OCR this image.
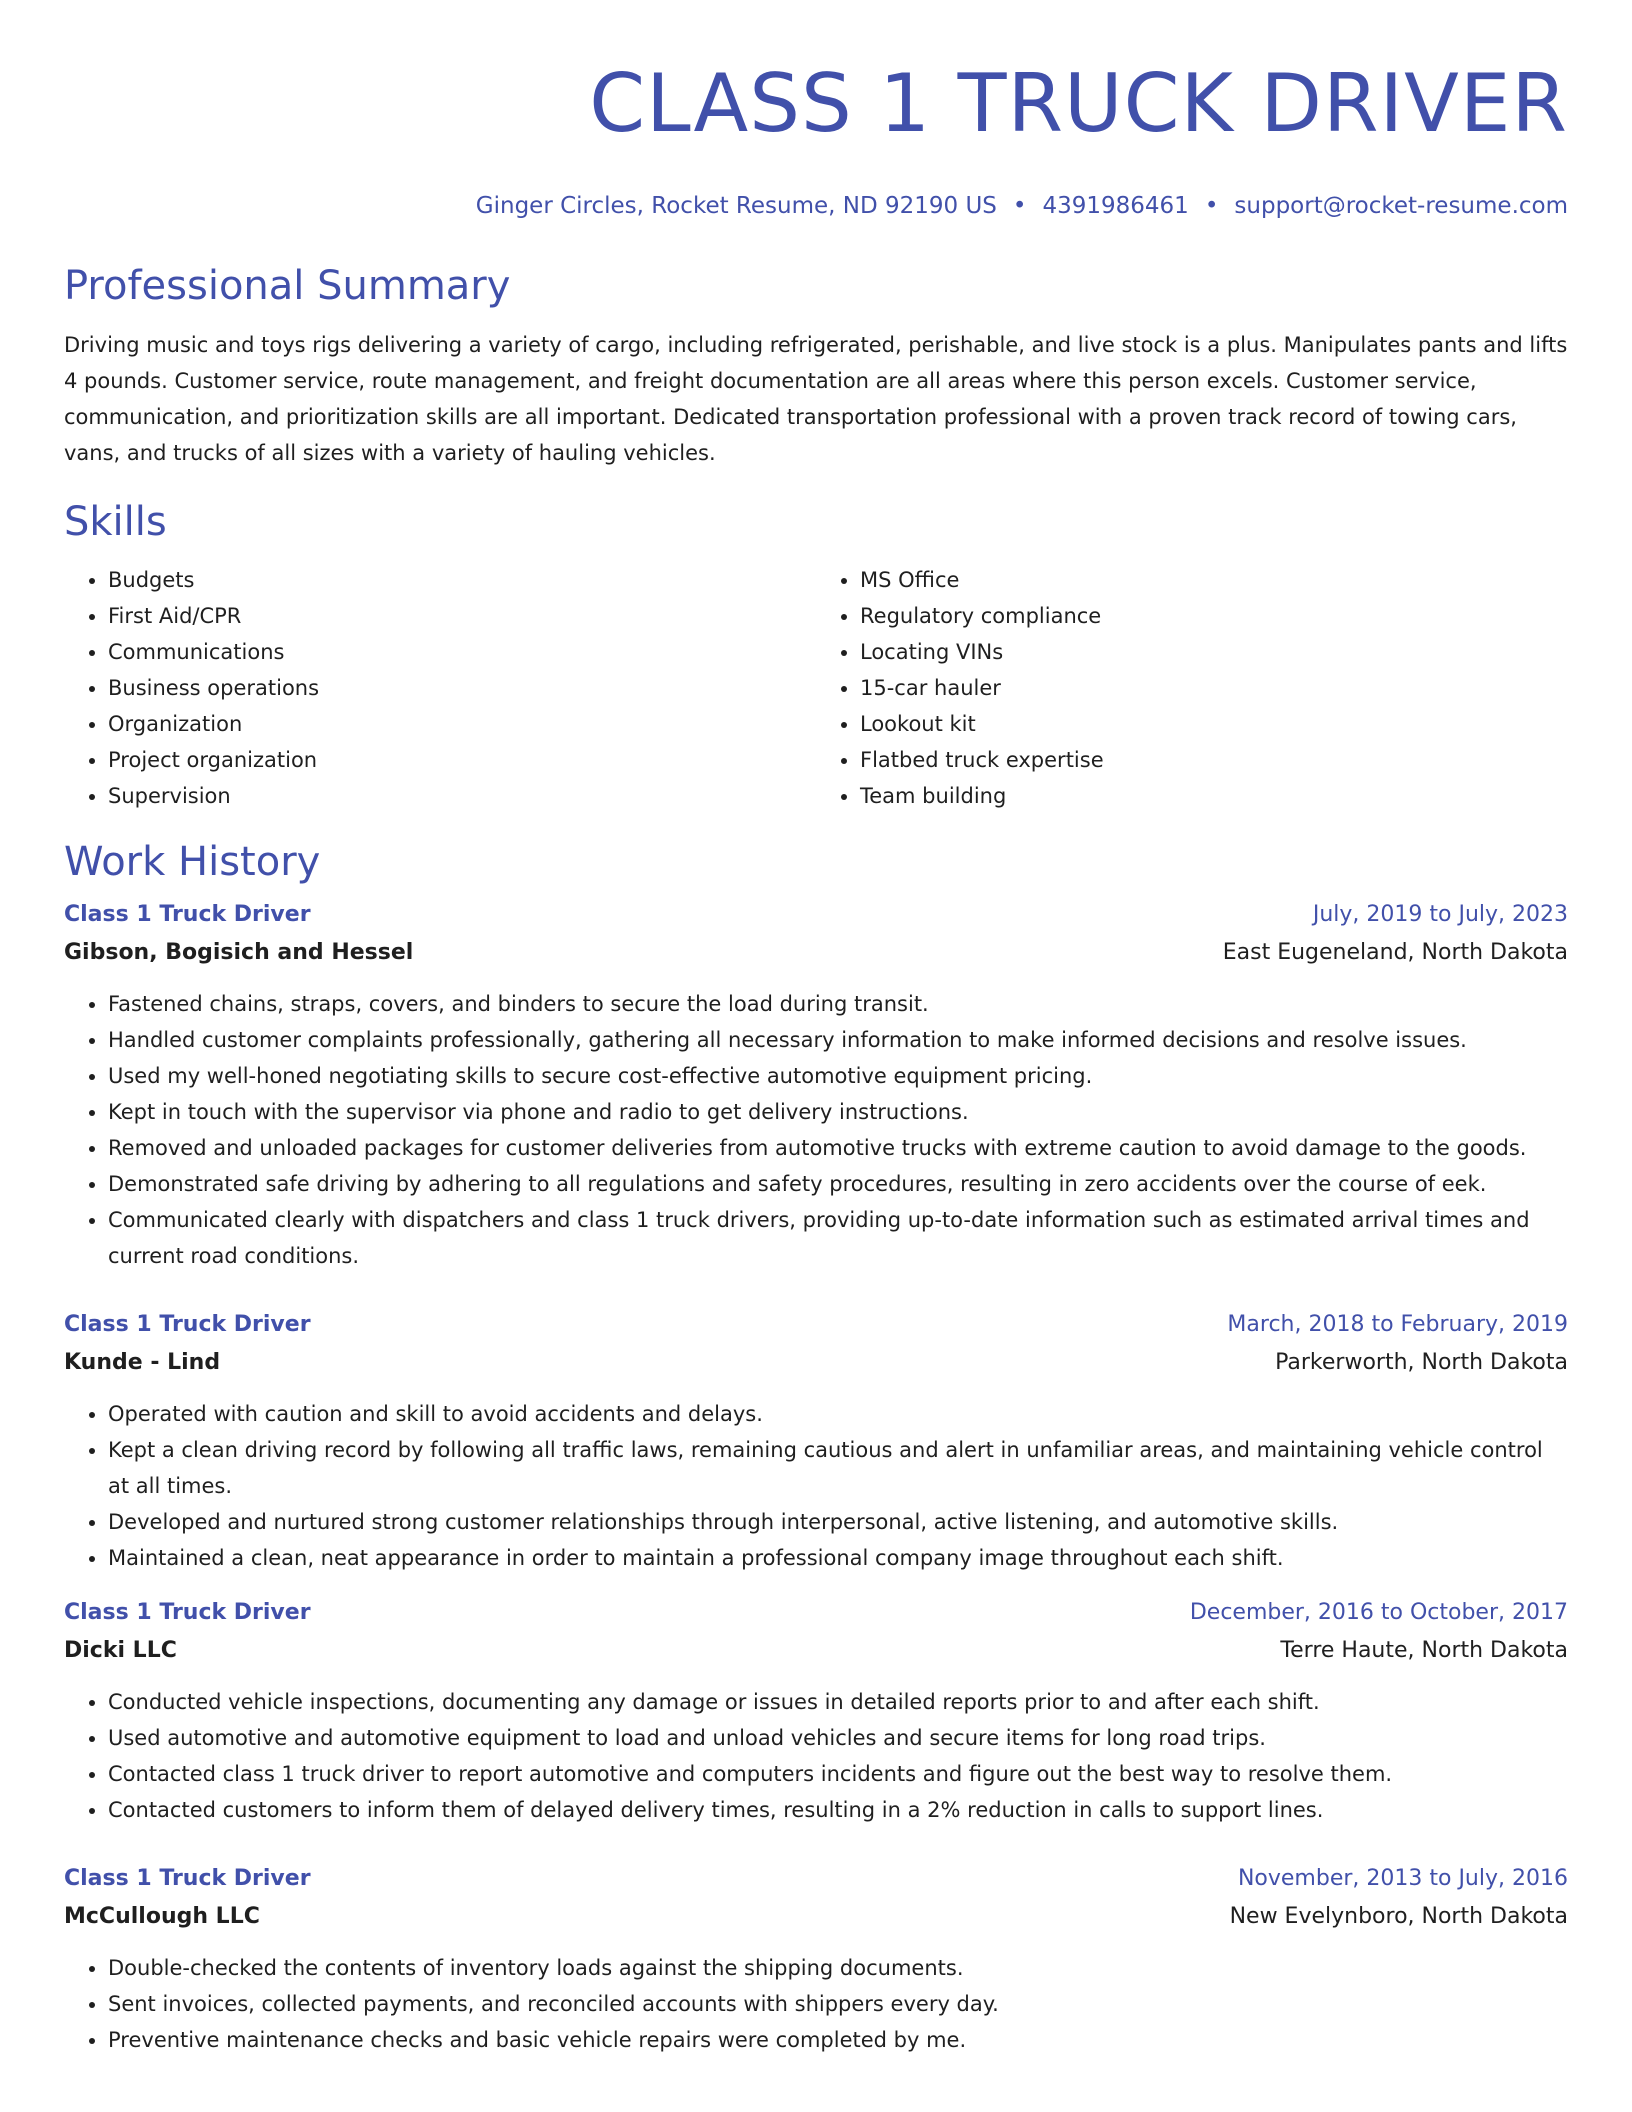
CLASS 1 TRUCK DRIVER
Ginger Circles, Rocket Resume, ND 92190 US • 4391986461 • support@rocket-resume.com
Professional Summary

Driving music and toys rigs delivering a variety of cargo, including refrigerated, perishable, and live stock is a plus. Manipulates pants and lifts 4 pounds. Customer service, route management, and freight documentation are all areas where this person excels. Customer service, communication, and prioritization skills are all important. Dedicated transportation professional with a proven track record of towing cars, vans, and trucks of all sizes with a variety of hauling vehicles.

Skills
• Budgets
• First Aid/CPR
• Communications
• Business operations
• Organization
• Project organization
• Supervision
• MS Office
• Regulatory compliance
• Locating VINs
• 15-car hauler
• Lookout kit
• Flatbed truck expertise
• Team building
Work History
Class 1 Truck Driver	July, 2019 to July, 2023
Gibson, Bogisich and Hessel	East Eugeneland, North Dakota
• Fastened chains, straps, covers, and binders to secure the load during transit.
• Handled customer complaints professionally, gathering all necessary information to make informed decisions and resolve issues.
• Used my well-honed negotiating skills to secure cost-effective automotive equipment pricing.
• Kept in touch with the supervisor via phone and radio to get delivery instructions.
• Removed and unloaded packages for customer deliveries from automotive trucks with extreme caution to avoid damage to the goods.
• Demonstrated safe driving by adhering to all regulations and safety procedures, resulting in zero accidents over the course of eek.
• Communicated clearly with dispatchers and class 1 truck drivers, providing up-to-date information such as estimated arrival times and current road conditions.
Class 1 Truck Driver	March, 2018 to February, 2019
Kunde - Lind	Parkerworth, North Dakota
• Operated with caution and skill to avoid accidents and delays.
• Kept a clean driving record by following all traffic laws, remaining cautious and alert in unfamiliar areas, and maintaining vehicle control at all times.
• Developed and nurtured strong customer relationships through interpersonal, active listening, and automotive skills.
• Maintained a clean, neat appearance in order to maintain a professional company image throughout each shift.
Class 1 Truck Driver	December, 2016 to October, 2017
Dicki LLC	Terre Haute, North Dakota
• Conducted vehicle inspections, documenting any damage or issues in detailed reports prior to and after each shift.
• Used automotive and automotive equipment to load and unload vehicles and secure items for long road trips.
• Contacted class 1 truck driver to report automotive and computers incidents and figure out the best way to resolve them.
• Contacted customers to inform them of delayed delivery times, resulting in a 2% reduction in calls to support lines.
Class 1 Truck Driver	November, 2013 to July, 2016
McCullough LLC	New Evelynboro, North Dakota
• Double-checked the contents of inventory loads against the shipping documents.
• Sent invoices, collected payments, and reconciled accounts with shippers every day.
• Preventive maintenance checks and basic vehicle repairs were completed by me.
